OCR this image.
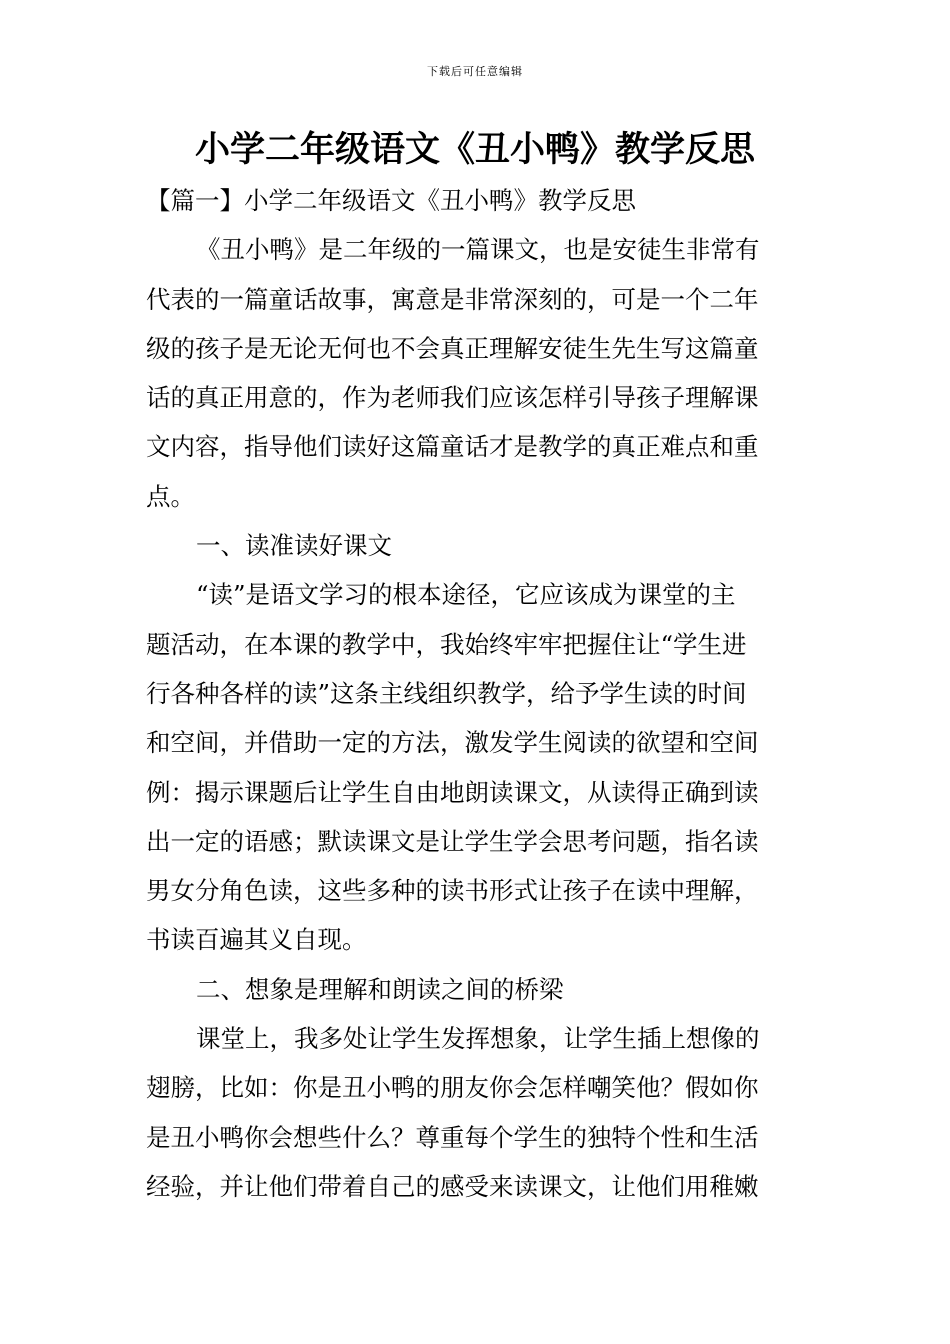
下载后可任意编辑
小学二年级语文《丑小鸭》教学反思
【篇一】小学二年级语文《丑小鸭》教学反思
《丑小鸭》是二年级的一篇课文，也是安徒生非常有
代表的一篇童话故事，寓意是非常深刻的，可是一个二年
级的孩子是无论无何也不会真正理解安徒生先生写这篇童
话的真正用意的，作为老师我们应该怎样引导孩子理解课
文内容，指导他们读好这篇童话才是教学的真正难点和重
点。
一、读准读好课文
“读”是语文学习的根本途径，它应该成为课堂的主
题活动，在本课的教学中，我始终牢牢把握住让“学生进
行各种各样的读”这条主线组织教学，给予学生读的时间
和空间，并借助一定的方法，激发学生阅读的欲望和空间
例：揭示课题后让学生自由地朗读课文，从读得正确到读
出一定的语感；默读课文是让学生学会思考问题，指名读
男女分角色读，这些多种的读书形式让孩子在读中理解，
书读百遍其义自现。
二、想象是理解和朗读之间的桥梁
课堂上，我多处让学生发挥想象，让学生插上想像的
翅膀，比如：你是丑小鸭的朋友你会怎样嘲笑他？假如你
是丑小鸭你会想些什么？尊重每个学生的独特个性和生活
经验，并让他们带着自己的感受来读课文，让他们用稚嫩
